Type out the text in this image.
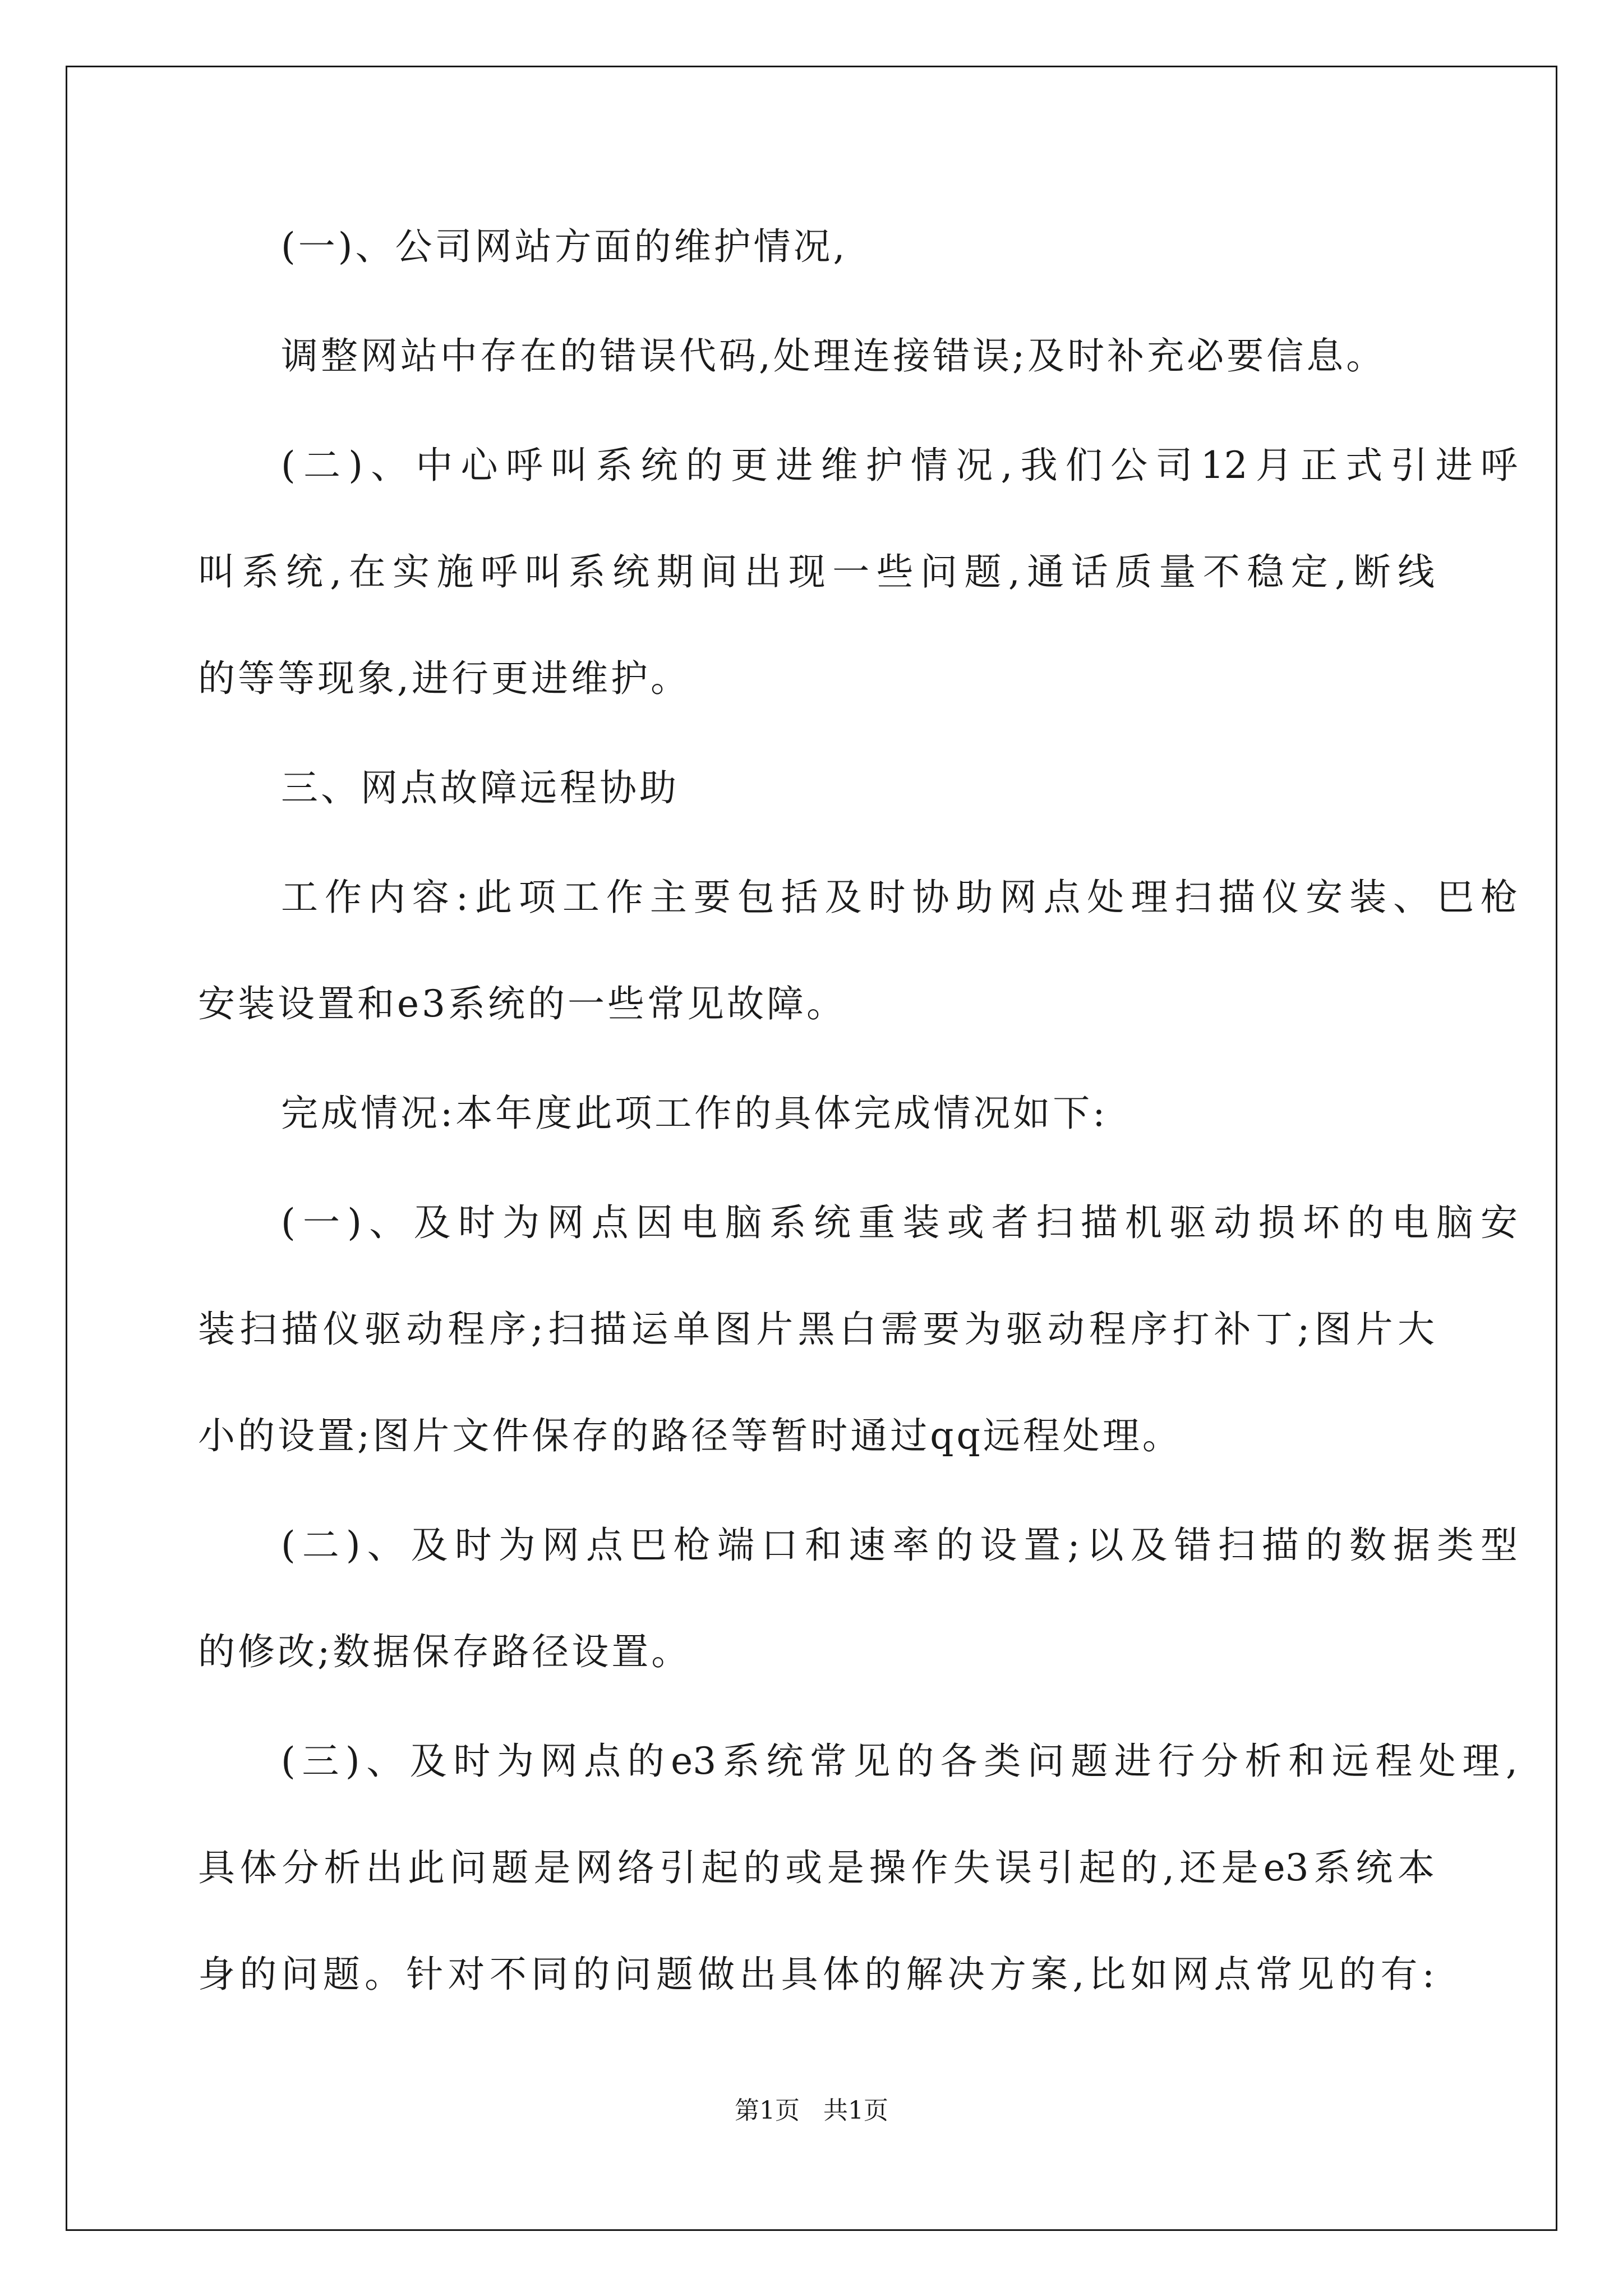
(一)、公司网站方面的维护情况,
调整网站中存在的错误代码,处理连接错误;及时补充必要信息。
(二)、中心呼叫系统的更进维护情况,我们公司12月正式引进呼
叫系统,在实施呼叫系统期间出现一些问题,通话质量不稳定,断线
的等等现象,进行更进维护。
三、网点故障远程协助
工作内容:此项工作主要包括及时协助网点处理扫描仪安装、巴枪
安装设置和e3系统的一些常见故障。
完成情况:本年度此项工作的具体完成情况如下:
(一)、及时为网点因电脑系统重装或者扫描机驱动损坏的电脑安
装扫描仪驱动程序;扫描运单图片黑白需要为驱动程序打补丁;图片大
小的设置;图片文件保存的路径等暂时通过qq远程处理。
(二)、及时为网点巴枪端口和速率的设置;以及错扫描的数据类型
的修改;数据保存路径设置。
(三)、及时为网点的e3系统常见的各类问题进行分析和远程处理,
具体分析出此问题是网络引起的或是操作失误引起的,还是e3系统本
身的问题。针对不同的问题做出具体的解决方案,比如网点常见的有:
第1页   共1页
